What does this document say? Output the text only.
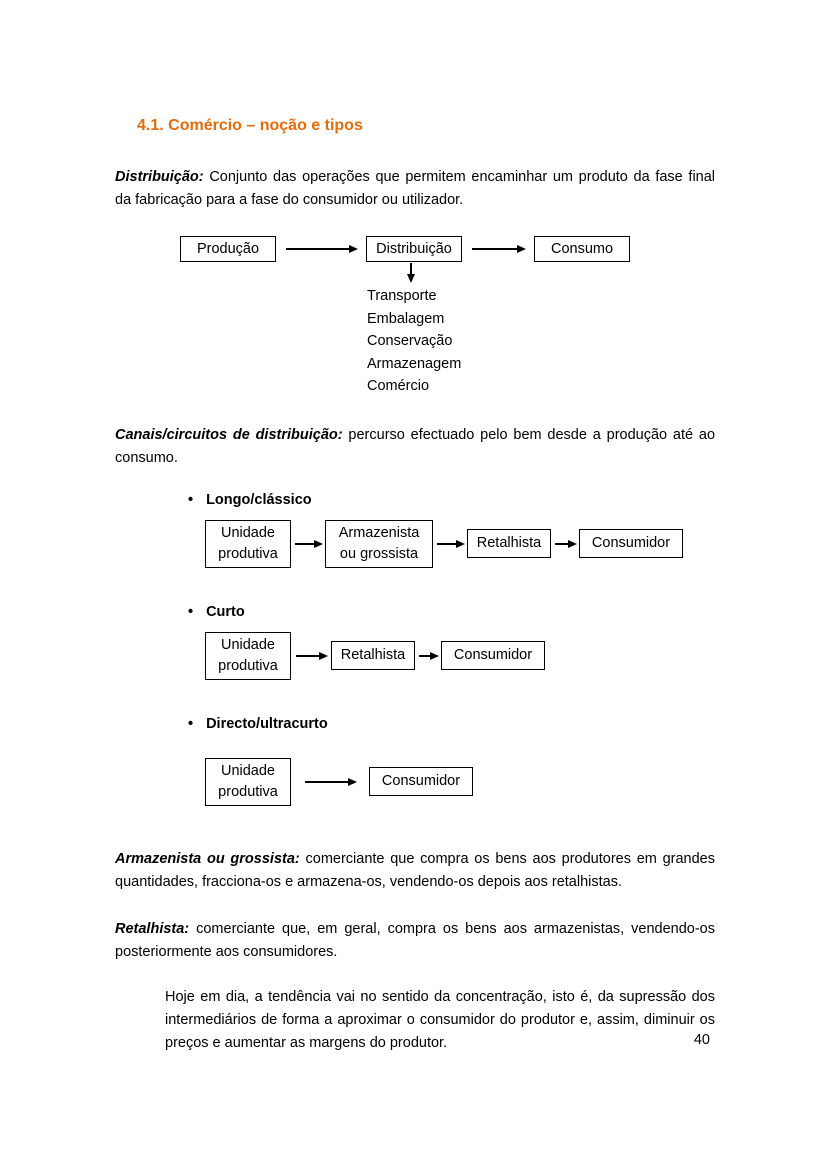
4.1. Comércio – noção e tipos

Distribuição: Conjunto das operações que permitem encaminhar um produto da fase final da fabricação para a fase do consumidor ou utilizador.

Produção	Distribuição	Consumo
Transporte
Embalagem
Conservação
Armazenagem
Comércio

Canais/circuitos de distribuição: percurso efectuado pelo bem desde a produção até ao consumo.

• Longo/clássico
Unidade produtiva
Armazenista ou grossista
Retalhista	Consumidor
• Curto
Unidade produtiva
Retalhista	Consumidor
• Directo/ultracurto
Unidade produtiva
Consumidor

Armazenista ou grossista: comerciante que compra os bens aos produtores em grandes quantidades, fracciona-os e armazena-os, vendendo-os depois aos retalhistas.

Retalhista: comerciante que, em geral, compra os bens aos armazenistas, vendendo-os posteriormente aos consumidores.

Hoje em dia, a tendência vai no sentido da concentração, isto é, da supressão dos intermediários de forma a aproximar o consumidor do produtor e, assim, diminuir os preços e aumentar as margens do produtor.	40
